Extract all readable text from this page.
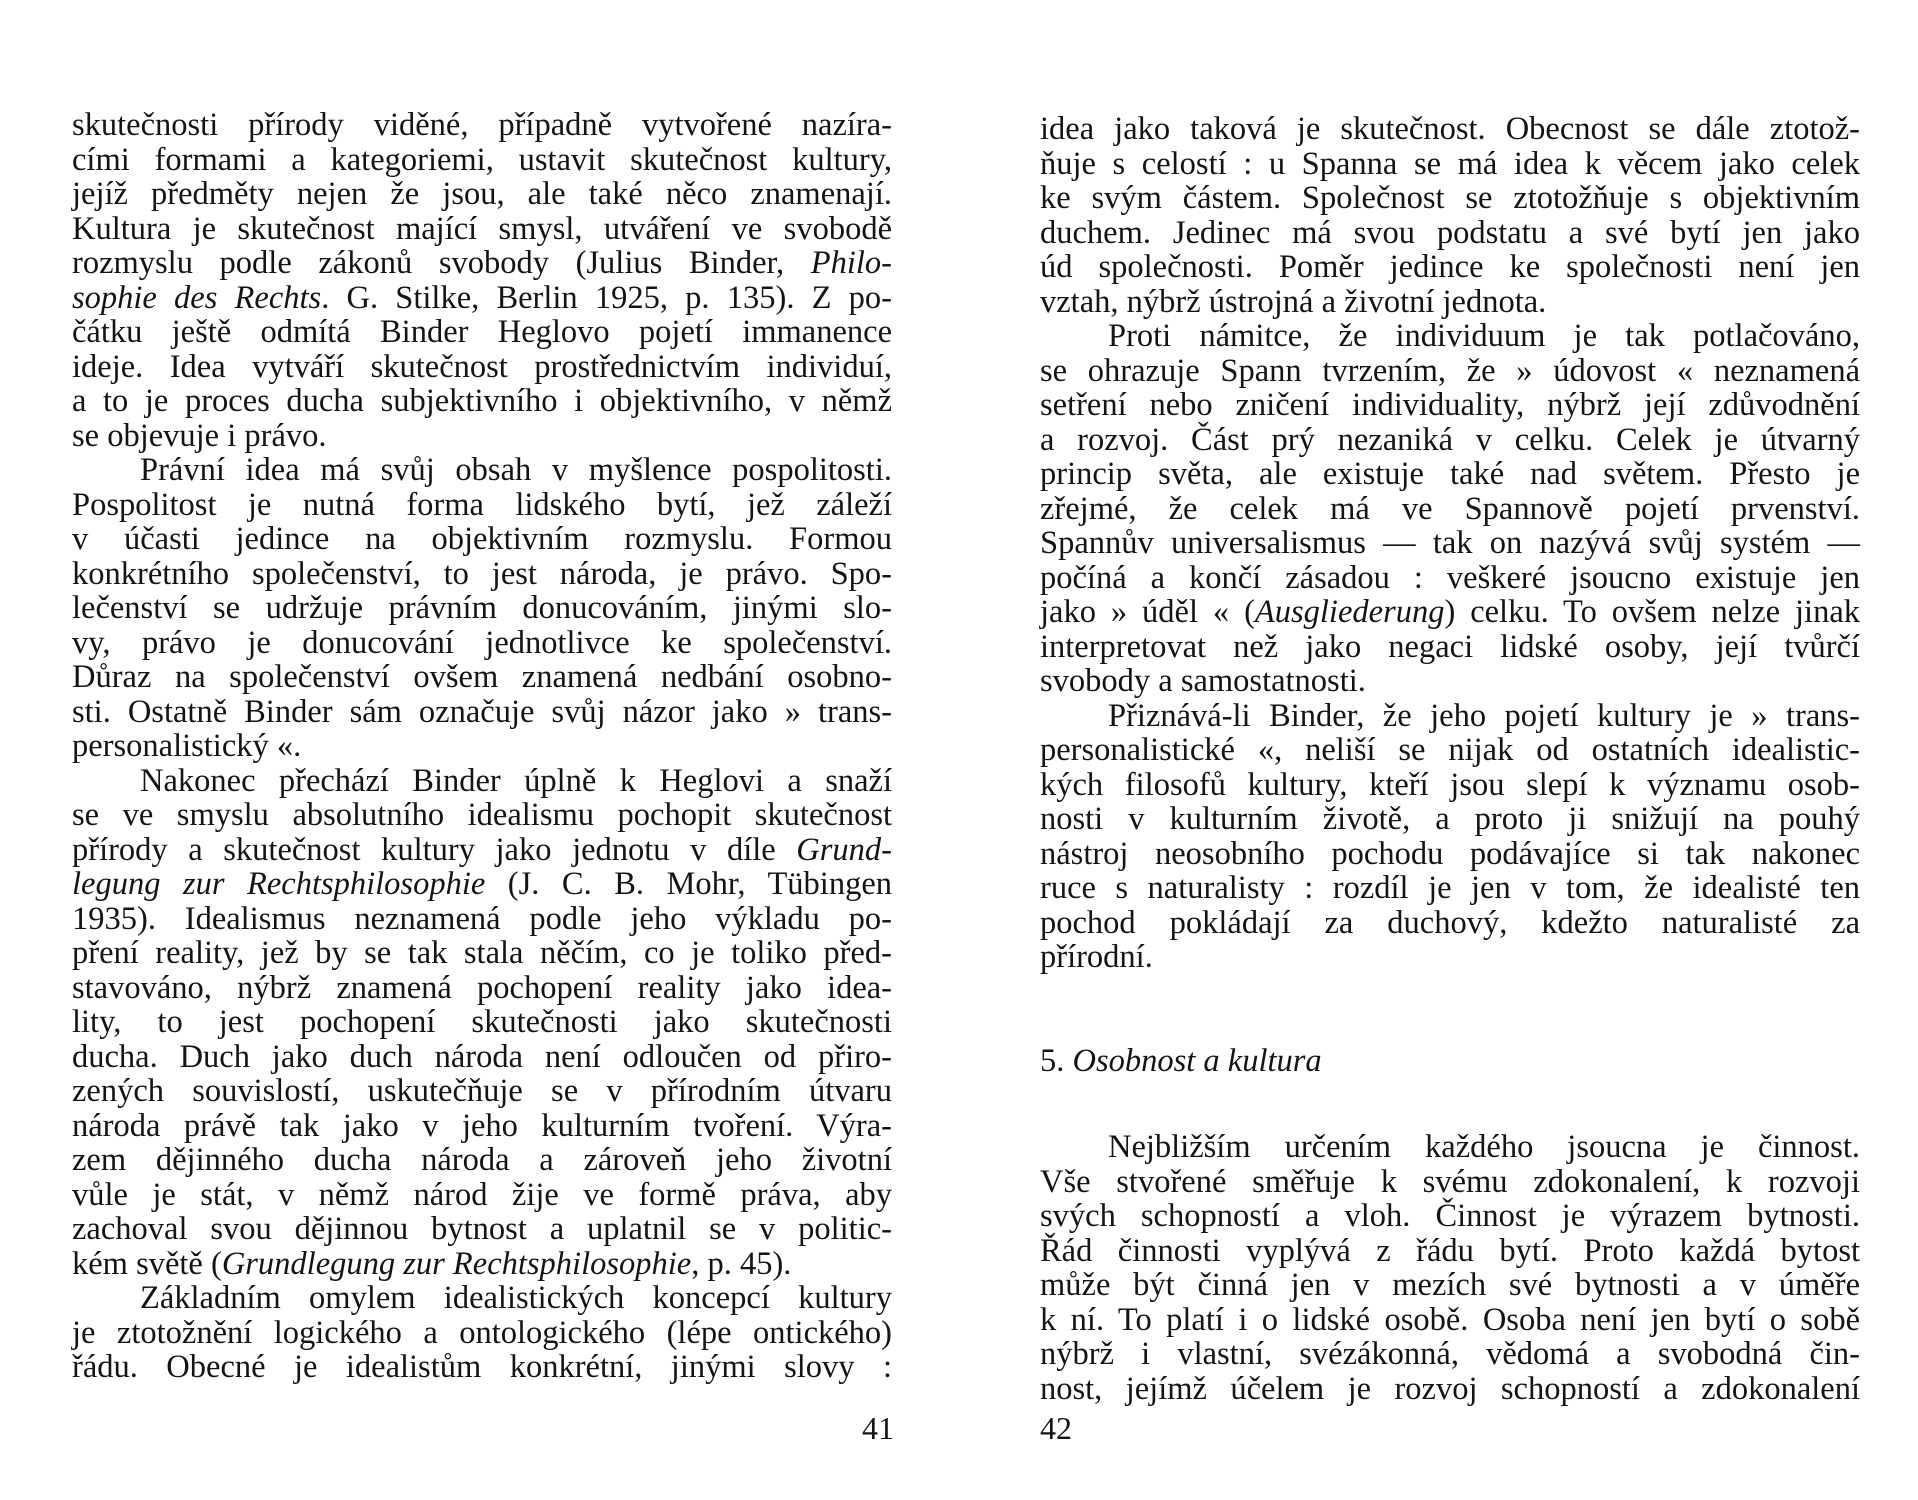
skutečnosti přírody viděné, případně vytvořené nazíra-
cími formami a kategoriemi, ustavit skutečnost kultury,
jejíž předměty nejen že jsou, ale také něco znamenají.
Kultura je skutečnost mající smysl, utváření ve svobodě
rozmyslu podle zákonů svobody (Julius Binder, Philo-
sophie des Rechts. G. Stilke, Berlin 1925, p. 135). Z po-
čátku ještě odmítá Binder Heglovo pojetí immanence
ideje. Idea vytváří skutečnost prostřednictvím individuí,
a to je proces ducha subjektivního i objektivního, v němž
se objevuje i právo.
Právní idea má svůj obsah v myšlence pospolitosti.
Pospolitost je nutná forma lidského bytí, jež záleží
v účasti jedince na objektivním rozmyslu. Formou
konkrétního společenství, to jest národa, je právo. Spo-
lečenství se udržuje právním donucováním, jinými slo-
vy, právo je donucování jednotlivce ke společenství.
Důraz na společenství ovšem znamená nedbání osobno-
sti. Ostatně Binder sám označuje svůj názor jako » trans-
personalistický «.
Nakonec přechází Binder úplně k Heglovi a snaží
se ve smyslu absolutního idealismu pochopit skutečnost
přírody a skutečnost kultury jako jednotu v díle Grund-
legung zur Rechtsphilosophie (J. C. B. Mohr, Tübingen
1935). Idealismus neznamená podle jeho výkladu po-
pření reality, jež by se tak stala něčím, co je toliko před-
stavováno, nýbrž znamená pochopení reality jako idea-
lity, to jest pochopení skutečnosti jako skutečnosti
ducha. Duch jako duch národa není odloučen od přiro-
zených souvislostí, uskutečňuje se v přírodním útvaru
národa právě tak jako v jeho kulturním tvoření. Výra-
zem dějinného ducha národa a zároveň jeho životní
vůle je stát, v němž národ žije ve formě práva, aby
zachoval svou dějinnou bytnost a uplatnil se v politic-
kém světě (Grundlegung zur Rechtsphilosophie, p. 45).
Základním omylem idealistických koncepcí kultury
je ztotožnění logického a ontologického (lépe ontického)
řádu. Obecné je idealistům konkrétní, jinými slovy :
idea jako taková je skutečnost. Obecnost se dále ztotož-
ňuje s celostí : u Spanna se má idea k věcem jako celek
ke svým částem. Společnost se ztotožňuje s objektivním
duchem. Jedinec má svou podstatu a své bytí jen jako
úd společnosti. Poměr jedince ke společnosti není jen
vztah, nýbrž ústrojná a životní jednota.
Proti námitce, že individuum je tak potlačováno,
se ohrazuje Spann tvrzením, že » údovost « neznamená
setření nebo zničení individuality, nýbrž její zdůvodnění
a rozvoj. Část prý nezaniká v celku. Celek je útvarný
princip světa, ale existuje také nad světem. Přesto je
zřejmé, že celek má ve Spannově pojetí prvenství.
Spannův universalismus — tak on nazývá svůj systém —
počíná a končí zásadou : veškeré jsoucno existuje jen
jako » úděl « (Ausgliederung) celku. To ovšem nelze jinak
interpretovat než jako negaci lidské osoby, její tvůrčí
svobody a samostatnosti.
Přiznává-li Binder, že jeho pojetí kultury je » trans-
personalistické «, neliší se nijak od ostatních idealistic-
kých filosofů kultury, kteří jsou slepí k významu osob-
nosti v kulturním životě, a proto ji snižují na pouhý
nástroj neosobního pochodu podávajíce si tak nakonec
ruce s naturalisty : rozdíl je jen v tom, že idealisté ten
pochod pokládají za duchový, kdežto naturalisté za
přírodní.
5. Osobnost a kultura
Nejbližším určením každého jsoucna je činnost.
Vše stvořené směřuje k svému zdokonalení, k rozvoji
svých schopností a vloh. Činnost je výrazem bytnosti.
Řád činnosti vyplývá z řádu bytí. Proto každá bytost
může být činná jen v mezích své bytnosti a v úměře
k ní. To platí i o lidské osobě. Osoba není jen bytí o sobě
nýbrž i vlastní, svézákonná, vědomá a svobodná čin-
nost, jejímž účelem je rozvoj schopností a zdokonalení
41	42
